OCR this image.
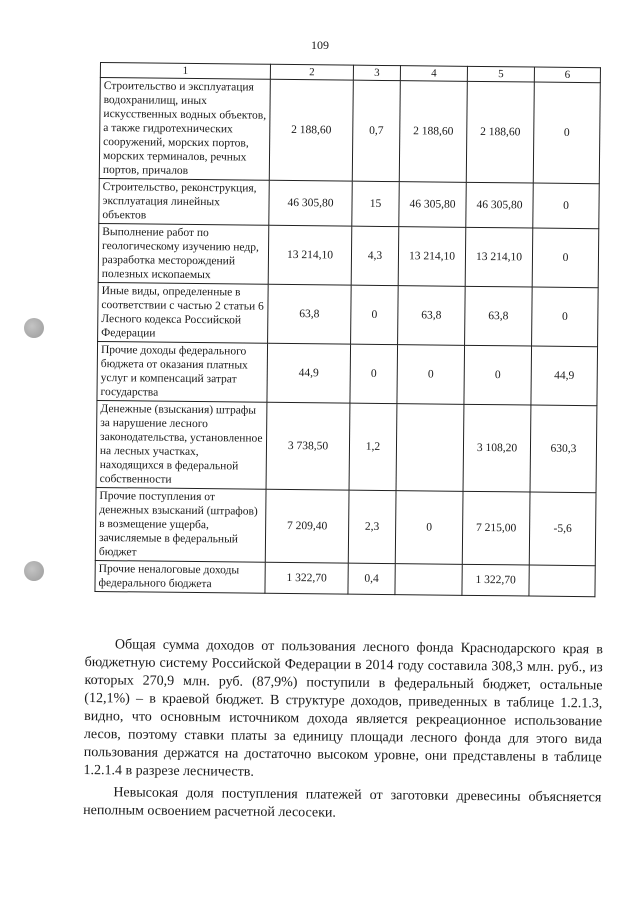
109
1	2	3	4	5	6
Строительство и эксплуатация водохранилищ, иных искусственных водных объектов, а также гидротехнических сооружений, морских портов, морских терминалов, речных портов, причалов	2 188,60	0,7	2 188,60	2 188,60	0
Строительство, реконструкция, эксплуатация линейных объектов	46 305,80	15	46 305,80	46 305,80	0
Выполнение работ по геологическому изучению недр, разработка месторождений полезных ископаемых	13 214,10	4,3	13 214,10	13 214,10	0
Иные виды, определенные в соответствии с частью 2 статьи 6 Лесного кодекса Российской Федерации	63,8	0	63,8	63,8	0
Прочие доходы федерального бюджета от оказания платных услуг и компенсаций затрат государства	44,9	0	0	0	44,9
Денежные (взыскания) штрафы за нарушение лесного законодательства, установленное на лесных участках, находящихся в федеральной собственности	3 738,50	1,2		3 108,20	630,3
Прочие поступления от денежных взысканий (штрафов) в возмещение ущерба, зачисляемые в федеральный бюджет	7 209,40	2,3	0	7 215,00	-5,6
Прочие неналоговые доходы федерального бюджета	1 322,70	0,4		1 322,70	

Общая сумма доходов от пользования лесного фонда Краснодарского края в бюджетную систему Российской Федерации в 2014 году составила 308,3 млн. руб., из которых 270,9 млн. руб. (87,9%) поступили в федеральный бюджет, остальные (12,1%) – в краевой бюджет. В структуре доходов, приведенных в таблице 1.2.1.3, видно, что основным источником дохода является рекреационное использование лесов, поэтому ставки платы за единицу площади лесного фонда для этого вида пользования держатся на достаточно высоком уровне, они представлены в таблице 1.2.1.4 в разрезе лесничеств.

Невысокая доля поступления платежей от заготовки древесины объясняется неполным освоением расчетной лесосеки.
